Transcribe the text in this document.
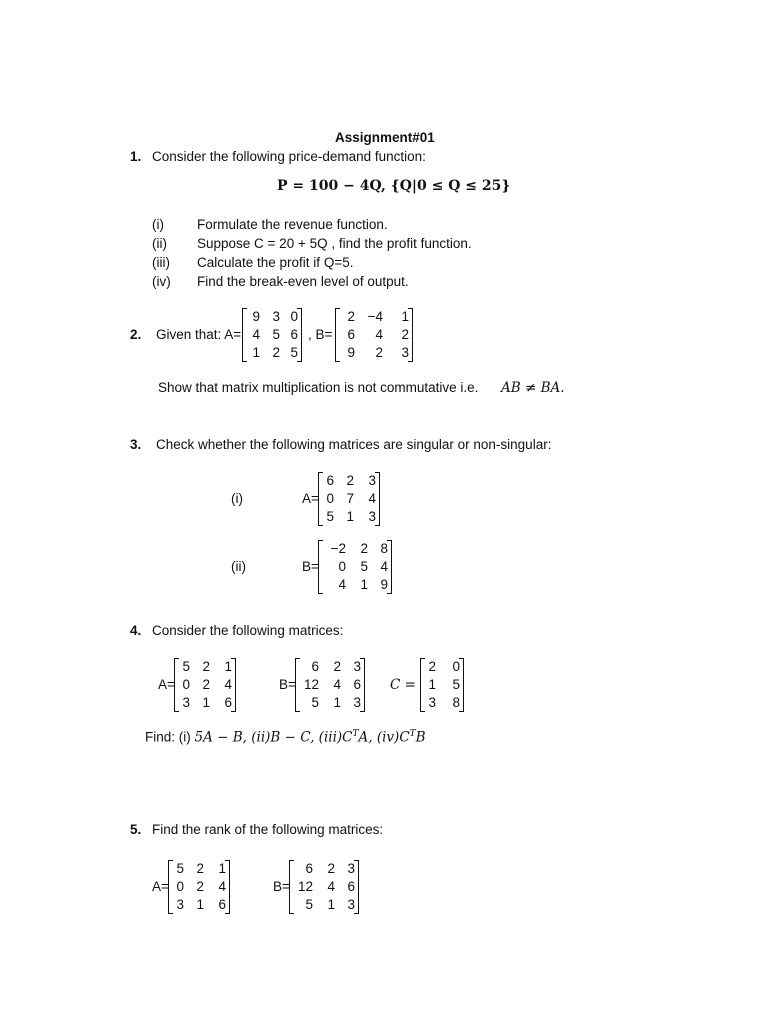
Assignment#01
1. Consider the following price-demand function:
P = 100 − 4Q, {Q|0 ≤ Q ≤ 25}
(i) Formulate the revenue function.
(ii) Suppose C = 20 + 5Q , find the profit function.
(iii) Calculate the profit if Q=5.
(iv) Find the break-even level of output.
2. Given that: A=
9 3 0
4 5 6
1 2 5
, B=
2 −4	1
6	4	2
9	2	3
Show that matrix multiplication is not commutative i.e. AB ≠ BA.
3. Check whether the following matrices are singular or non-singular:
(i)	A=
6 2	3
0 7	4
5 1	3
(ii)	B=
−2	2 8
0	5 4
4	1 9
4. Consider the following matrices:
A=
5 2	1
0 2	4
3 1	6
B=
6	2 3
12	4 6
5	1 3
C =
2	0
1	5
3	8
Find: (i) 5A − B, (ii)B − C, $(iii)C^TA$, $(iv)C^TB$
5. Find the rank of the following matrices:
A=
5 2	1
0 2	4
3 1	6
B=
6	2 3
12	4 6
5	1 3
